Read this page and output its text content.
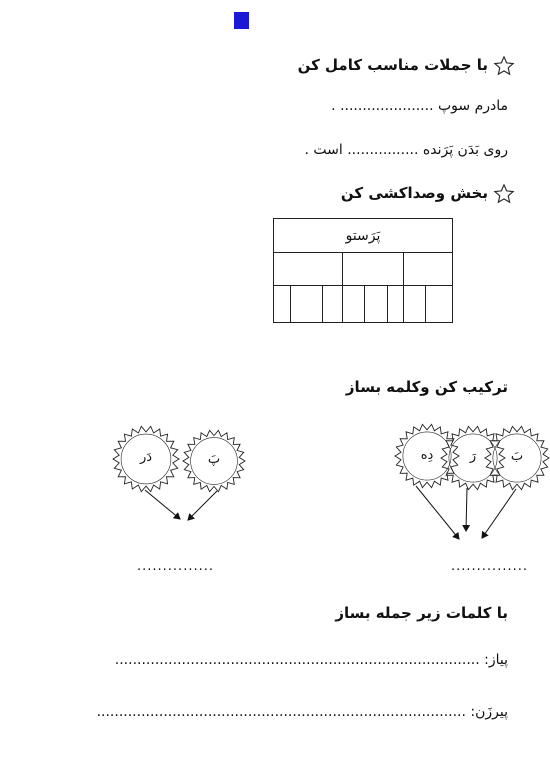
با جملات مناسب کامل کن
مادرم سوپ ..................... .
روی بَدَن پَرَنده ................ است .
بخش وصداکشی کن
پَرَستو							

ترکیب کن وکلمه بساز
دِه	رَ	بَ
پَ
دَر
...............
...............
با کلمات زیر جمله بساز
پیاز: ..................................................................................
پیرزَن: ...................................................................................
